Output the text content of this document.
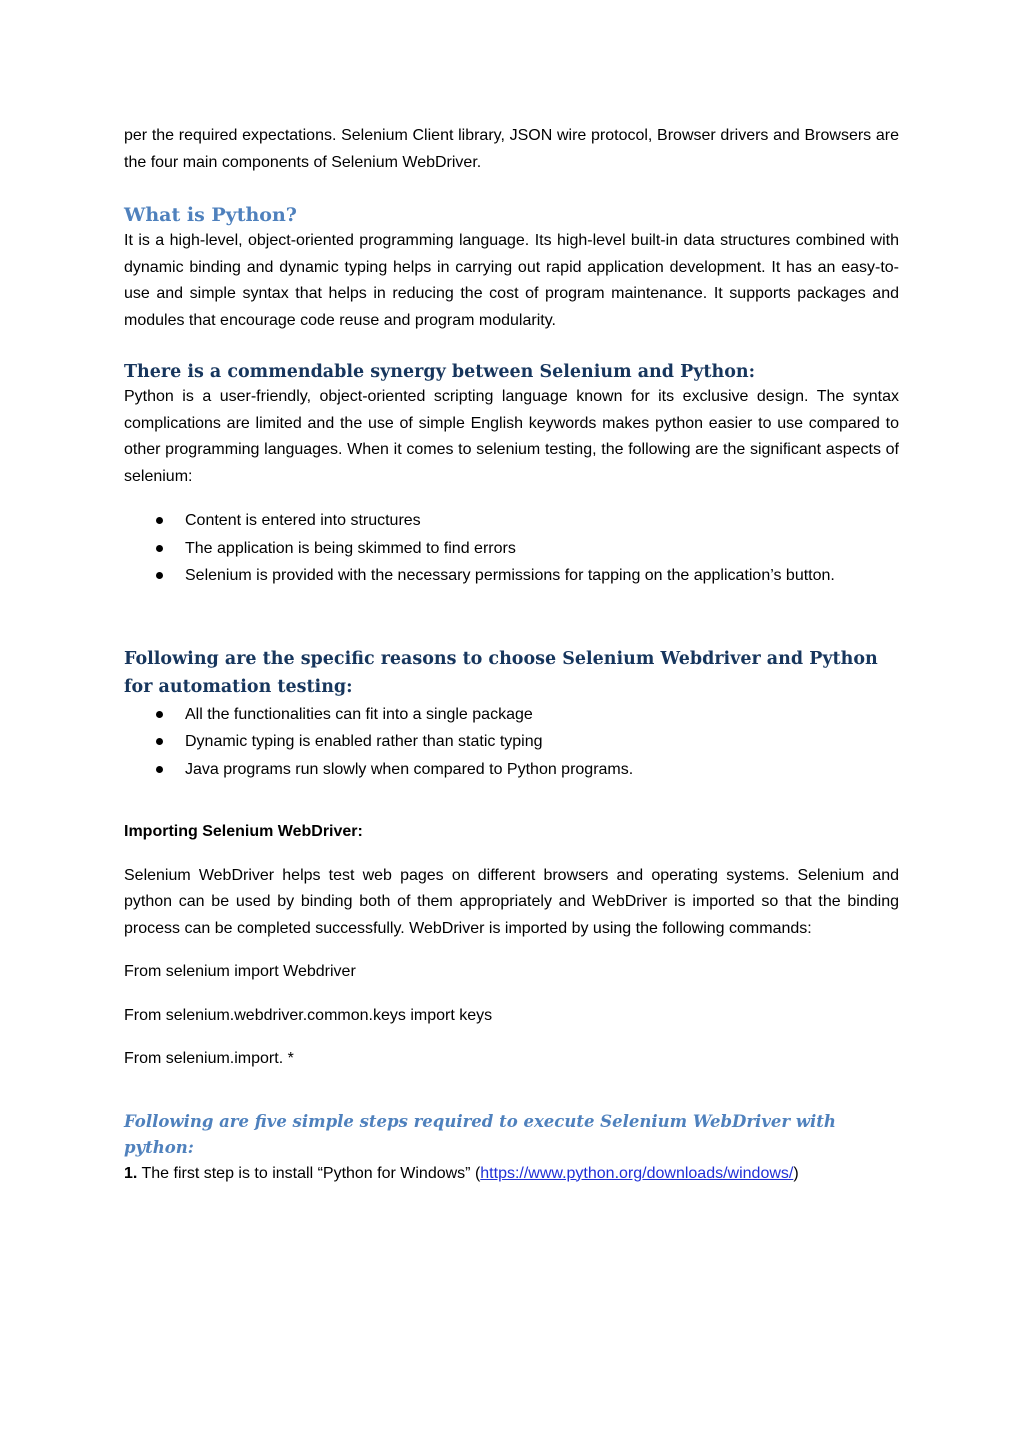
per the required expectations. Selenium Client library, JSON wire protocol, Browser drivers and Browsers are the four main components of Selenium WebDriver.

What is Python?

It is a high-level, object-oriented programming language. Its high-level built-in data structures combined with dynamic binding and dynamic typing helps in carrying out rapid application development. It has an easy-to-use and simple syntax that helps in reducing the cost of program maintenance. It supports packages and modules that encourage code reuse and program modularity.

There is a commendable synergy between Selenium and Python:

Python is a user-friendly, object-oriented scripting language known for its exclusive design. The syntax complications are limited and the use of simple English keywords makes python easier to use compared to other programming languages. When it comes to selenium testing, the following are the significant aspects of selenium:

Content is entered into structures
The application is being skimmed to find errors
Selenium is provided with the necessary permissions for tapping on the application’s button.
Following are the specific reasons to choose Selenium Webdriver and Python for automation testing:
All the functionalities can fit into a single package
Dynamic typing is enabled rather than static typing
Java programs run slowly when compared to Python programs.

Importing Selenium WebDriver:

Selenium WebDriver helps test web pages on different browsers and operating systems. Selenium and python can be used by binding both of them appropriately and WebDriver is imported so that the binding process can be completed successfully. WebDriver is imported by using the following commands:

From selenium import Webdriver

From selenium.webdriver.common.keys import keys

From selenium.import. *

Following are five simple steps required to execute Selenium WebDriver with python:

1. The first step is to install “Python for Windows” (https://www.python.org/downloads/windows/)
